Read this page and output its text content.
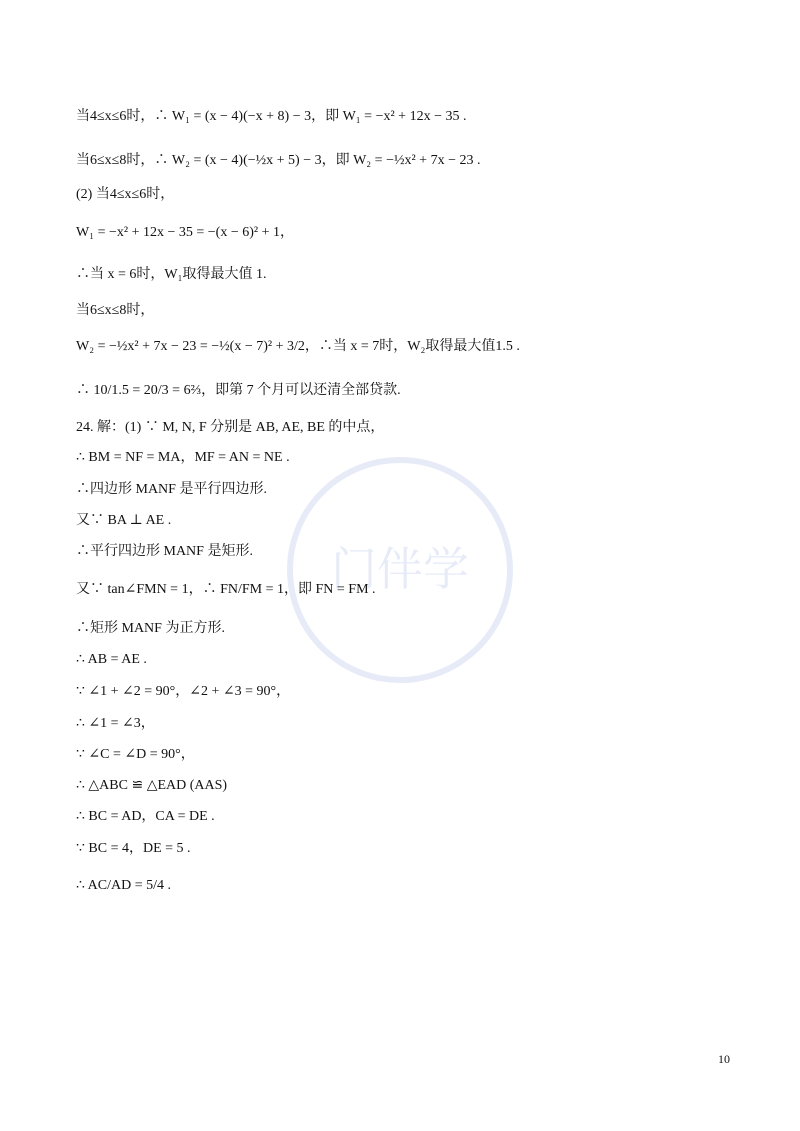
门伴学
当4≤x≤6时，∴ W₁ = (x − 4)(−x + 8) − 3，即 W₁ = −x² + 12x − 35 .
当6≤x≤8时，∴ W₂ = (x − 4)(−½x + 5) − 3，即 W₂ = −½x² + 7x − 23 .
(2) 当4≤x≤6时，
W₁ = −x² + 12x − 35 = −(x − 6)² + 1，
∴当 x = 6时，W₁取得最大值 1.
当6≤x≤8时，
W₂ = −½x² + 7x − 23 = −½(x − 7)² + 3/2，∴当 x = 7时，W₂取得最大值1.5 .
∴ 10/1.5 = 20/3 = 6⅔，即第 7 个月可以还清全部贷款.
24. 解：(1) ∵ M, N, F 分别是 AB, AE, BE 的中点，
∴ BM = NF = MA，MF = AN = NE .
∴四边形 MANF 是平行四边形.
又∵ BA ⊥ AE .
∴平行四边形 MANF 是矩形.
又∵ tan∠FMN = 1，∴ FN/FM = 1，即 FN = FM .
∴矩形 MANF 为正方形.
∴ AB = AE .
∵ ∠1 + ∠2 = 90°，∠2 + ∠3 = 90°，
∴ ∠1 = ∠3，
∵ ∠C = ∠D = 90°，
∴ △ABC ≌ △EAD (AAS)
∴ BC = AD，CA = DE .
∵ BC = 4，DE = 5 .
∴ AC/AD = 5/4 .
10
